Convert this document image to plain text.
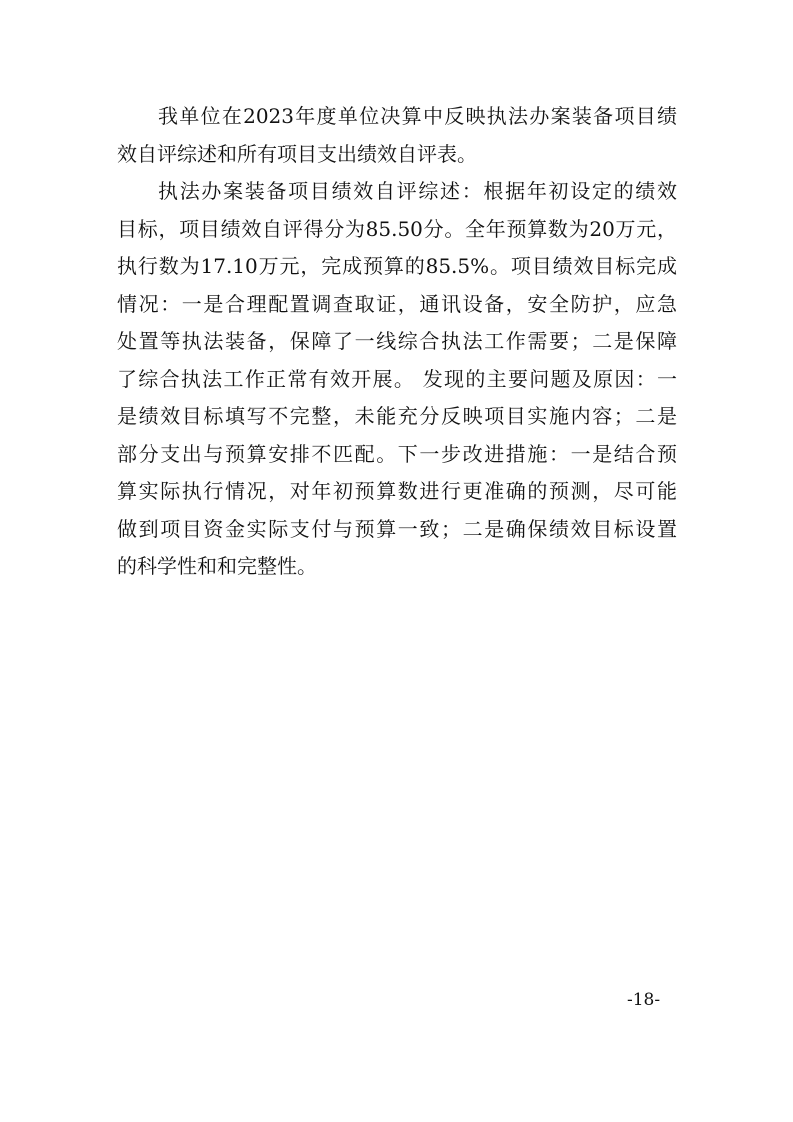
我单位在2023年度单位决算中反映执法办案装备项目绩
效自评综述和所有项目支出绩效自评表。
执法办案装备项目绩效自评综述：根据年初设定的绩效
目标，项目绩效自评得分为85.50分。全年预算数为20万元，
执行数为17.10万元，完成预算的85.5%。项目绩效目标完成
情况：一是合理配置调查取证，通讯设备，安全防护，应急
处置等执法装备，保障了一线综合执法工作需要；二是保障
了综合执法工作正常有效开展。 发现的主要问题及原因：一
是绩效目标填写不完整，未能充分反映项目实施内容；二是
部分支出与预算安排不匹配。下一步改进措施：一是结合预
算实际执行情况，对年初预算数进行更准确的预测，尽可能
做到项目资金实际支付与预算一致；二是确保绩效目标设置
的科学性和和完整性。
-18-
